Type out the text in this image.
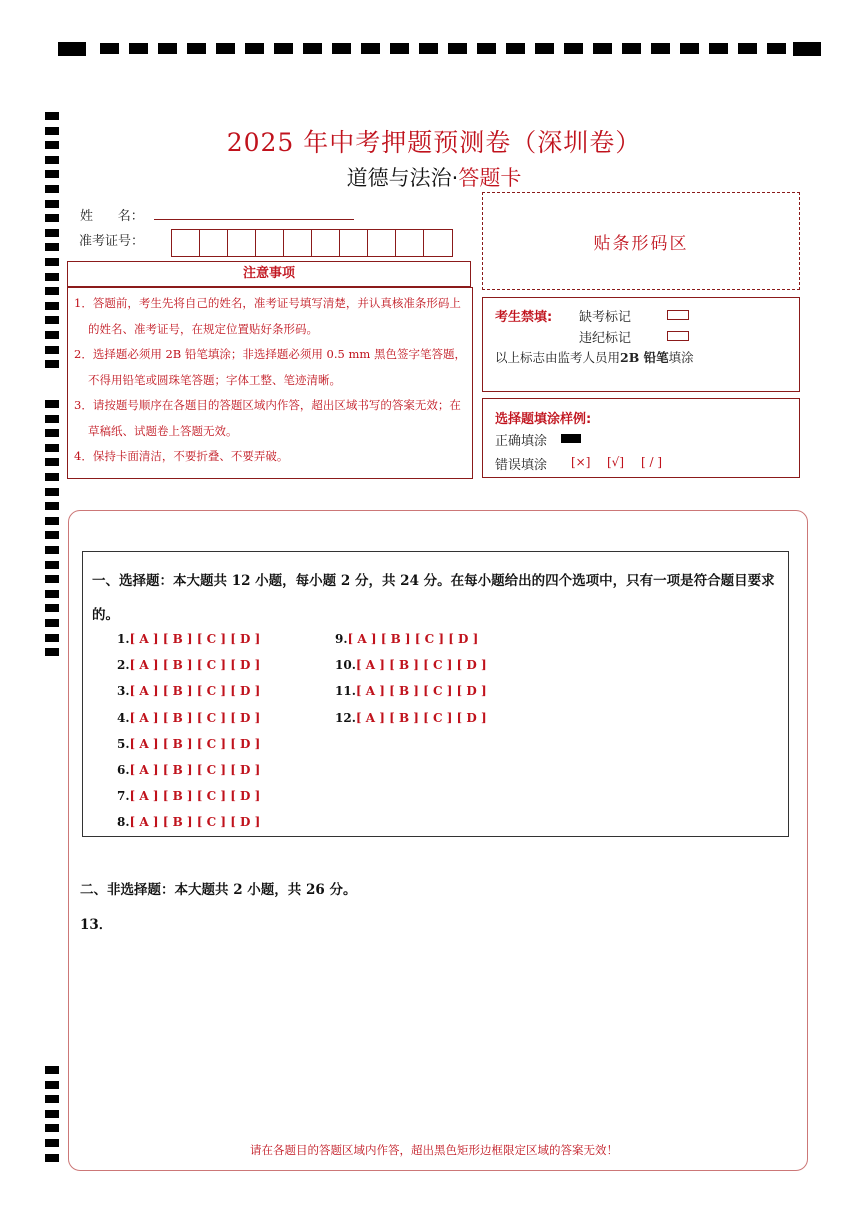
2025 年中考押题预测卷（深圳卷）
道德与法治·答题卡
姓      名：
准考证号：	贴条形码区
注意事项
1．答题前，考生先将自己的姓名，准考证号填写清楚，并认真核准条形码上的姓名、准考证号，在规定位置贴好条形码。
2．选择题必须用 2B 铅笔填涂；非选择题必须用 0.5 mm 黑色签字笔答题，不得用铅笔或圆珠笔答题；字体工整、笔迹清晰。
3．请按题号顺序在各题目的答题区域内作答，超出区域书写的答案无效；在草稿纸、试题卷上答题无效。
4．保持卡面清洁，不要折叠、不要弄破。
考生禁填: 缺考标记
违纪标记
以上标志由监考人员用2B 铅笔填涂
选择题填涂样例:
正确填涂
错误填涂 [×] [√] [ / ]
一、选择题：本大题共 12 小题，每小题 2 分，共 24 分。在每小题给出的四个选项中，只有一项是符合题目要求的。
1.[ A ] [ B ] [ C ] [ D ]
2.[ A ] [ B ] [ C ] [ D ]
3.[ A ] [ B ] [ C ] [ D ]
4.[ A ] [ B ] [ C ] [ D ]
5.[ A ] [ B ] [ C ] [ D ]
6.[ A ] [ B ] [ C ] [ D ]
7.[ A ] [ B ] [ C ] [ D ]
8.[ A ] [ B ] [ C ] [ D ]
9.[ A ] [ B ] [ C ] [ D ]
10.[ A ] [ B ] [ C ] [ D ]
11.[ A ] [ B ] [ C ] [ D ]
12.[ A ] [ B ] [ C ] [ D ]
二、非选择题：本大题共 2 小题，共 26 分。
13．
请在各题目的答题区域内作答，超出黑色矩形边框限定区域的答案无效！
